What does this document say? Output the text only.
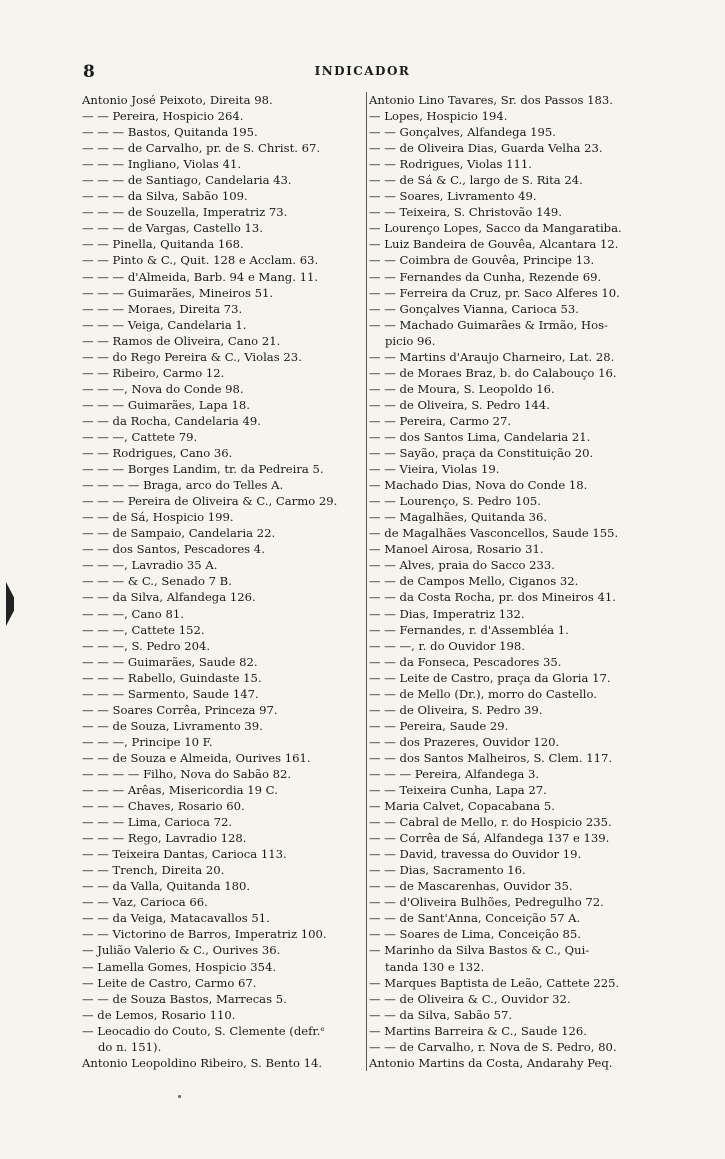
8	INDICADOR
Antonio José Peixoto, Direita 98.
— — Pereira, Hospicio 264.
— — — Bastos, Quitanda 195.
— — — de Carvalho, pr. de S. Christ. 67.
— — — Ingliano, Violas 41.
— — — de Santiago, Candelaria 43.
— — — da Silva, Sabão 109.
— — — de Souzella, Imperatriz 73.
— — — de Vargas, Castello 13.
— — Pinella, Quitanda 168.
— — Pinto & C., Quit. 128 e Acclam. 63.
— — — d'Almeida, Barb. 94 e Mang. 11.
— — — Guimarães, Mineiros 51.
— — — Moraes, Direita 73.
— — — Veiga, Candelaria 1.
— — Ramos de Oliveira, Cano 21.
— — do Rego Pereira & C., Violas 23.
— — Ribeiro, Carmo 12.
— — —, Nova do Conde 98.
— — — Guimarães, Lapa 18.
— — da Rocha, Candelaria 49.
— — —, Cattete 79.
— — Rodrigues, Cano 36.
— — — Borges Landim, tr. da Pedreira 5.
— — — — Braga, arco do Telles A.
— — — Pereira de Oliveira & C., Carmo 29.
— — de Sá, Hospicio 199.
— — de Sampaio, Candelaria 22.
— — dos Santos, Pescadores 4.
— — —, Lavradio 35 A.
— — — & C., Senado 7 B.
— — da Silva, Alfandega 126.
— — —, Cano 81.
— — —, Cattete 152.
— — —, S. Pedro 204.
— — — Guimarães, Saude 82.
— — — Rabello, Guindaste 15.
— — — Sarmento, Saude 147.
— — Soares Corrêa, Princeza 97.
— — de Souza, Livramento 39.
— — —, Principe 10 F.
— — de Souza e Almeida, Ourives 161.
— — — — Filho, Nova do Sabão 82.
— — — Arêas, Misericordia 19 C.
— — — Chaves, Rosario 60.
— — — Lima, Carioca 72.
— — — Rego, Lavradio 128.
— — Teixeira Dantas, Carioca 113.
— — Trench, Direita 20.
— — da Valla, Quitanda 180.
— — Vaz, Carioca 66.
— — da Veiga, Matacavallos 51.
— — Victorino de Barros, Imperatriz 100.
— Julião Valerio & C., Ourives 36.
— Lamella Gomes, Hospicio 354.
— Leite de Castro, Carmo 67.
— — de Souza Bastos, Marrecas 5.
— de Lemos, Rosario 110.
— Leocadio do Couto, S. Clemente (defr.ᵉ
do n. 151).
Antonio Leopoldino Ribeiro, S. Bento 14.
Antonio Lino Tavares, Sr. dos Passos 183.
— Lopes, Hospicio 194.
— — Gonçalves, Alfandega 195.
— — de Oliveira Dias, Guarda Velha 23.
— — Rodrigues, Violas 111.
— — de Sá & C., largo de S. Rita 24.
— — Soares, Livramento 49.
— — Teixeira, S. Christovão 149.
— Lourenço Lopes, Sacco da Mangaratiba.
— Luiz Bandeira de Gouvêa, Alcantara 12.
— — Coimbra de Gouvêa, Principe 13.
— — Fernandes da Cunha, Rezende 69.
— — Ferreira da Cruz, pr. Saco Alferes 10.
— — Gonçalves Vianna, Carioca 53.
— — Machado Guimarães & Irmão, Hos-
picio 96.
— — Martins d'Araujo Charneiro, Lat. 28.
— — de Moraes Braz, b. do Calabouço 16.
— — de Moura, S. Leopoldo 16.
— — de Oliveira, S. Pedro 144.
— — Pereira, Carmo 27.
— — dos Santos Lima, Candelaria 21.
— — Sayão, praça da Constituição 20.
— — Vieira, Violas 19.
— Machado Dias, Nova do Conde 18.
— — Lourenço, S. Pedro 105.
— — Magalhães, Quitanda 36.
— de Magalhães Vasconcellos, Saude 155.
— Manoel Airosa, Rosario 31.
— — Alves, praia do Sacco 233.
— — de Campos Mello, Ciganos 32.
— — da Costa Rocha, pr. dos Mineiros 41.
— — Dias, Imperatriz 132.
— — Fernandes, r. d'Assembléa 1.
— — —, r. do Ouvidor 198.
— — da Fonseca, Pescadores 35.
— — Leite de Castro, praça da Gloria 17.
— — de Mello (Dr.), morro do Castello.
— — de Oliveira, S. Pedro 39.
— — Pereira, Saude 29.
— — dos Prazeres, Ouvidor 120.
— — dos Santos Malheiros, S. Clem. 117.
— — — Pereira, Alfandega 3.
— — Teixeira Cunha, Lapa 27.
— Maria Calvet, Copacabana 5.
— — Cabral de Mello, r. do Hospicio 235.
— — Corrêa de Sá, Alfandega 137 e 139.
— — David, travessa do Ouvidor 19.
— — Dias, Sacramento 16.
— — de Mascarenhas, Ouvidor 35.
— — d'Oliveira Bulhões, Pedregulho 72.
— — de Sant'Anna, Conceição 57 A.
— — Soares de Lima, Conceição 85.
— Marinho da Silva Bastos & C., Qui-
tanda 130 e 132.
— Marques Baptista de Leão, Cattete 225.
— — de Oliveira & C., Ouvidor 32.
— — da Silva, Sabão 57.
— Martins Barreira & C., Saude 126.
— — de Carvalho, r. Nova de S. Pedro, 80.
Antonio Martins da Costa, Andarahy Peq.
